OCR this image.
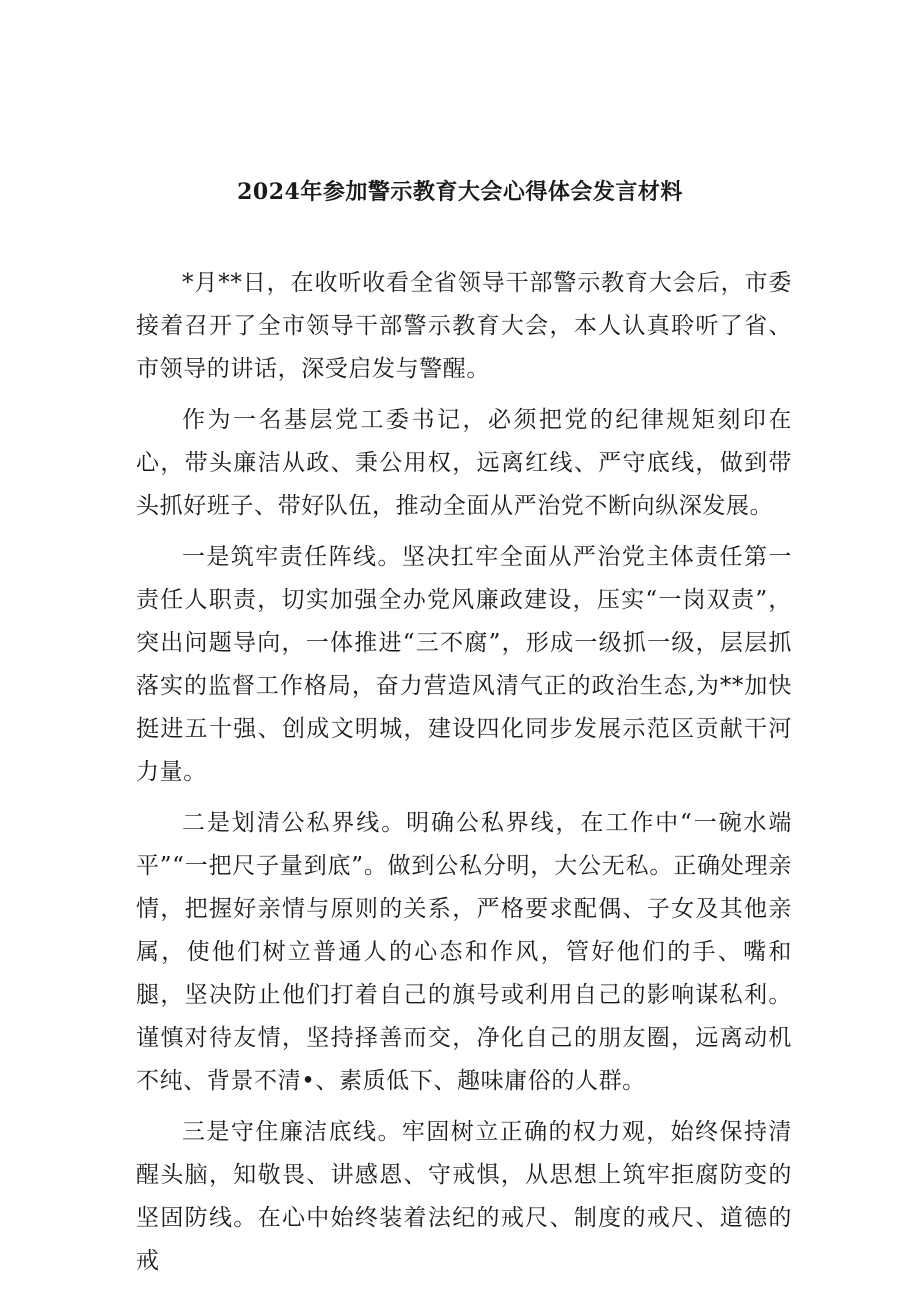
2024年参加警示教育大会心得体会发言材料

*月**日，在收听收看全省领导干部警示教育大会后，市委接着召开了全市领导干部警示教育大会，本人认真聆听了省、市领导的讲话，深受启发与警醒。

作为一名基层党工委书记，必须把党的纪律规矩刻印在心，带头廉洁从政、秉公用权，远离红线、严守底线，做到带头抓好班子、带好队伍，推动全面从严治党不断向纵深发展。

一是筑牢责任阵线。坚决扛牢全面从严治党主体责任第一责任人职责，切实加强全办党风廉政建设，压实“一岗双责”，突出问题导向，一体推进“三不腐”，形成一级抓一级，层层抓落实的监督工作格局，奋力营造风清气正的政治生态,为**加快挺进五十强、创成文明城，建设四化同步发展示范区贡献干河力量。

二是划清公私界线。明确公私界线，在工作中“一碗水端平”“一把尺子量到底”。做到公私分明，大公无私。正确处理亲情，把握好亲情与原则的关系，严格要求配偶、子女及其他亲属，使他们树立普通人的心态和作风，管好他们的手、嘴和腿，坚决防止他们打着自己的旗号或利用自己的影响谋私利。谨慎对待友情，坚持择善而交，净化自己的朋友圈，远离动机不纯、背景不清•、素质低下、趣味庸俗的人群。

三是守住廉洁底线。牢固树立正确的权力观，始终保持清醒头脑，知敬畏、讲感恩、守戒惧，从思想上筑牢拒腐防变的坚固防线。在心中始终装着法纪的戒尺、制度的戒尺、道德的戒
